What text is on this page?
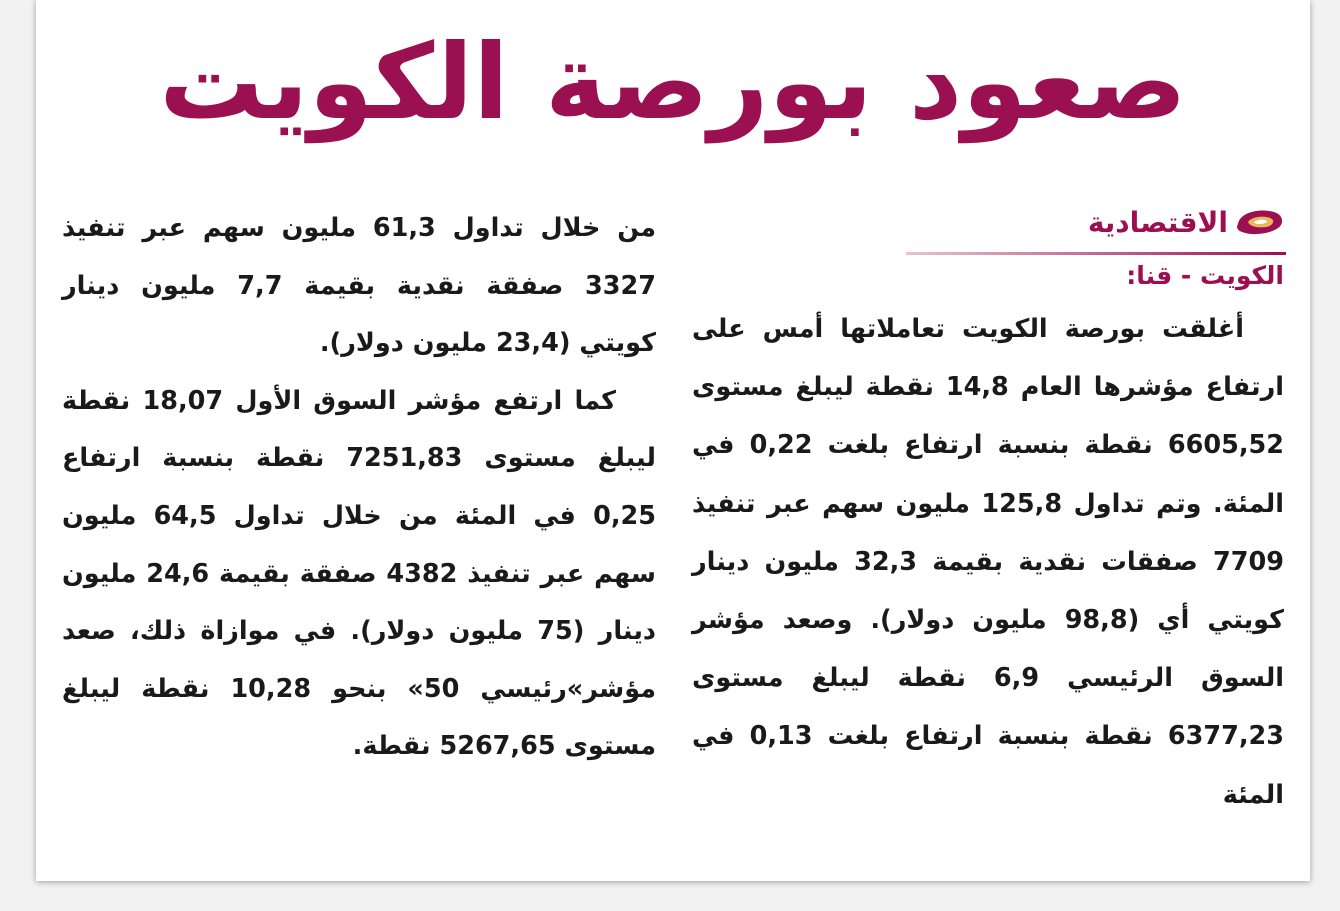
صعود بورصة الكويت
الاقتصادية
الكويت - قنا:

أغلقت بورصة الكويت تعاملاتها أمس على ارتفاع مؤشرها العام 14,8 نقطة ليبلغ مستوى 6605,52 نقطة بنسبة ارتفاع بلغت 0,22 في المئة. وتم تداول 125,8 مليون سهم عبر تنفيذ 7709 صفقات نقدية بقيمة 32,3 مليون دينار كويتي أي (98,8 مليون دولار). وصعد مؤشر السوق الرئيسي 6,9 نقطة ليبلغ مستوى 6377,23 نقطة بنسبة ارتفاع بلغت 0,13 في المئة

من خلال تداول 61,3 مليون سهم عبر تنفيذ 3327 صفقة نقدية بقيمة 7,7 مليون دينار كويتي (23,4 مليون دولار).

كما ارتفع مؤشر السوق الأول 18,07 نقطة ليبلغ مستوى 7251,83 نقطة بنسبة ارتفاع 0,25 في المئة من خلال تداول 64,5 مليون سهم عبر تنفيذ 4382 صفقة بقيمة 24,6 مليون دينار (75 مليون دولار). في موازاة ذلك، صعد مؤشر»رئيسي 50» بنحو 10,28 نقطة ليبلغ مستوى 5267,65 نقطة.
